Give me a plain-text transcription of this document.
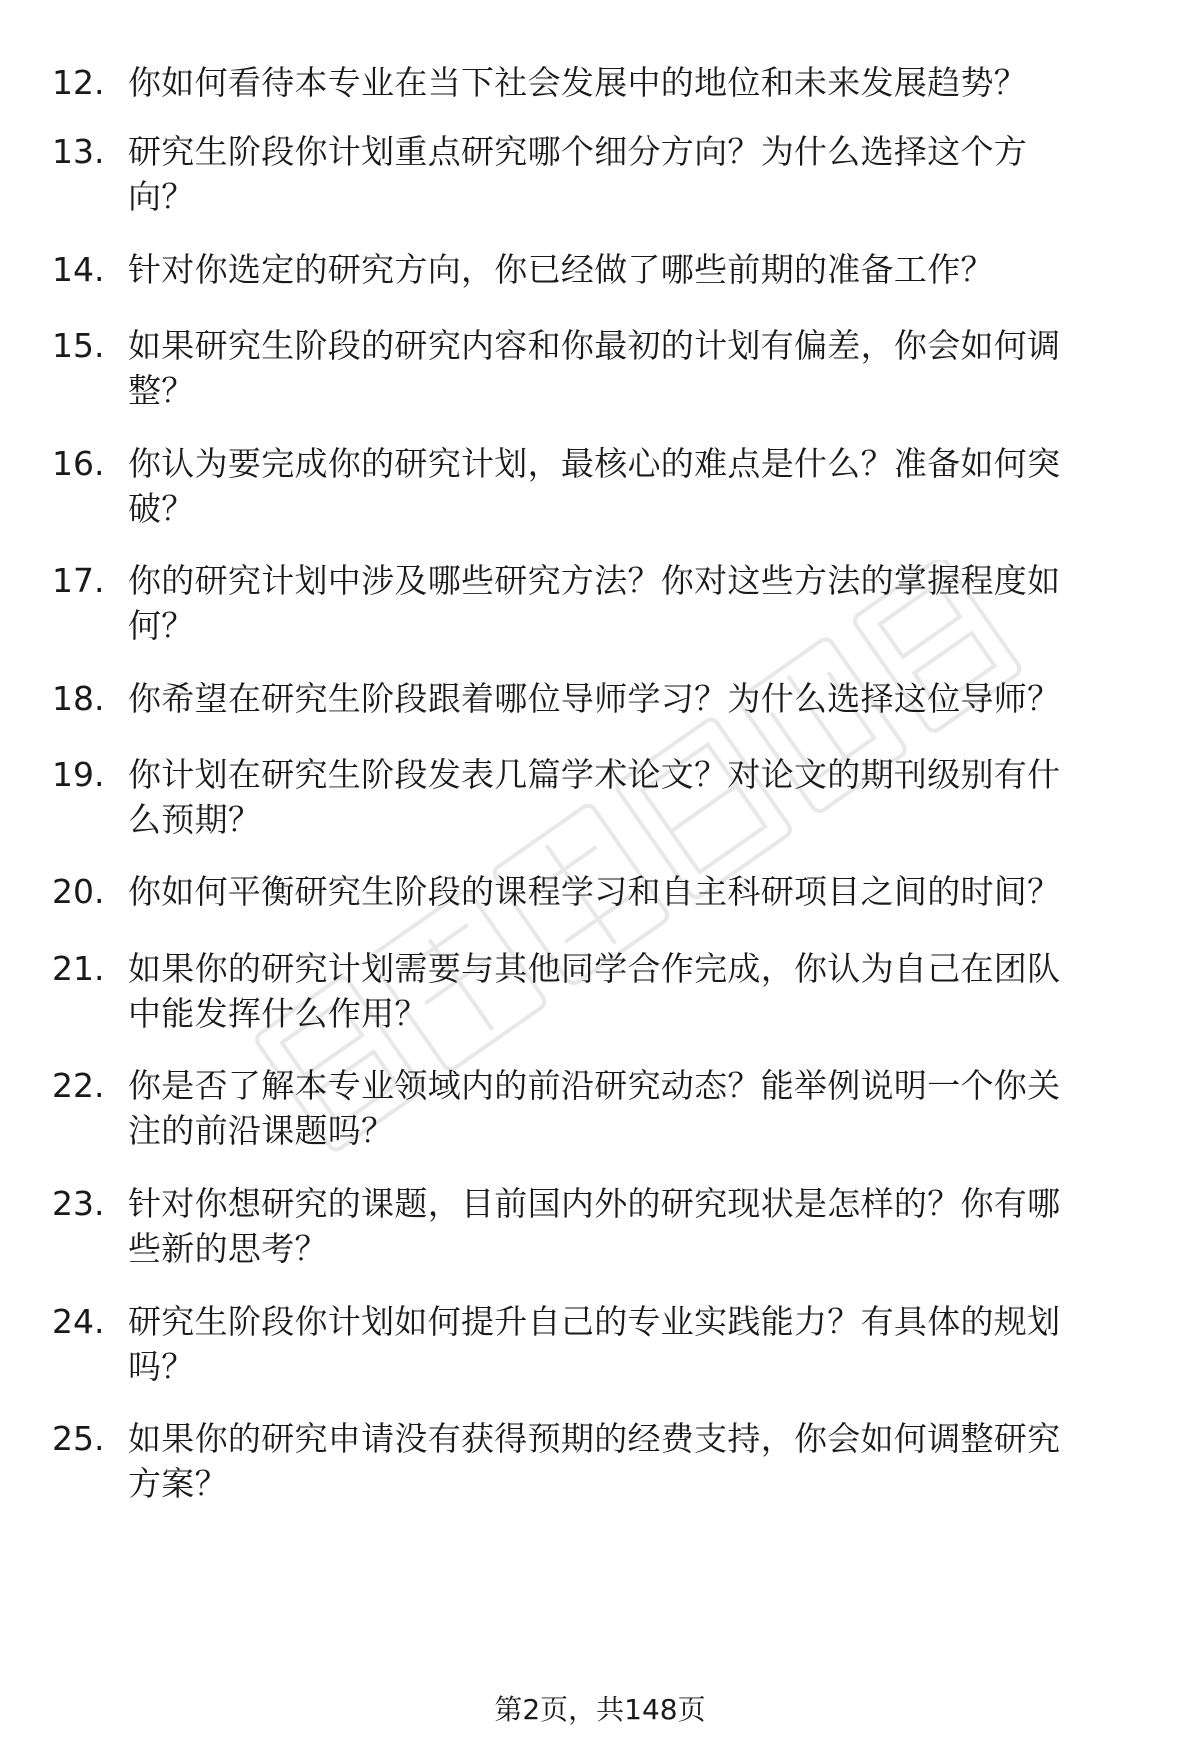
12. 你如何看待本专业在当下社会发展中的地位和未来发展趋势？
13. 研究生阶段你计划重点研究哪个细分方向？为什么选择这个方
向？
14. 针对你选定的研究方向，你已经做了哪些前期的准备工作？
15. 如果研究生阶段的研究内容和你最初的计划有偏差，你会如何调
整？
16. 你认为要完成你的研究计划，最核心的难点是什么？准备如何突
破？
17. 你的研究计划中涉及哪些研究方法？你对这些方法的掌握程度如
何？
18. 你希望在研究生阶段跟着哪位导师学习？为什么选择这位导师？
19. 你计划在研究生阶段发表几篇学术论文？对论文的期刊级别有什
么预期？
20. 你如何平衡研究生阶段的课程学习和自主科研项目之间的时间？
21. 如果你的研究计划需要与其他同学合作完成，你认为自己在团队
中能发挥什么作用？
22. 你是否了解本专业领域内的前沿研究动态？能举例说明一个你关
注的前沿课题吗？
23. 针对你想研究的课题，目前国内外的研究现状是怎样的？你有哪
些新的思考？
24. 研究生阶段你计划如何提升自己的专业实践能力？有具体的规划
吗？
25. 如果你的研究申请没有获得预期的经费支持，你会如何调整研究
方案？
第2页，共148页
